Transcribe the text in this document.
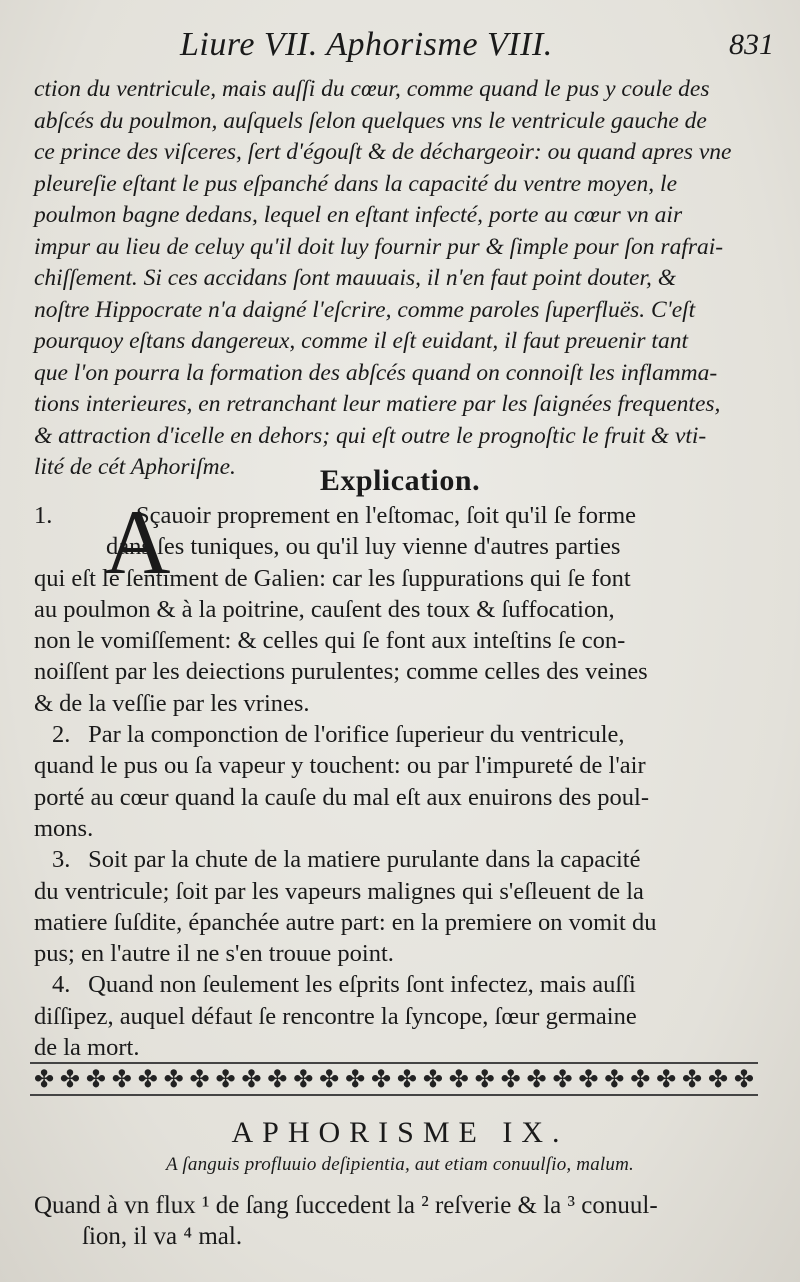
Liure VII. Aphorisme VIII.	831
ction du ventricule, mais auſſi du cœur, comme quand le pus y coule des
abſcés du poulmon, auſquels ſelon quelques vns le ventricule gauche de
ce prince des viſceres, ſert d'égouſt & de déchargeoir: ou quand apres vne
pleureſie eſtant le pus eſpanché dans la capacité du ventre moyen, le
poulmon bagne dedans, lequel en eſtant infecté, porte au cœur vn air
impur au lieu de celuy qu'il doit luy fournir pur & ſimple pour ſon rafrai-
chiſſement. Si ces accidans ſont mauuais, il n'en faut point douter, &
noſtre Hippocrate n'a daigné l'eſcrire, comme paroles ſuperfluës. C'eſt
pourquoy eſtans dangereux, comme il eſt euidant, il faut preuenir tant
que l'on pourra la formation des abſcés quand on connoiſt les inflamma-
tions interieures, en retranchant leur matiere par les ſaignées frequentes,
& attraction d'icelle en dehors; qui eſt outre le prognoſtic le fruit & vti-
lité de cét Aphoriſme.	Explication.
A
1.	Sçauoir proprement en l'eſtomac, ſoit qu'il ſe forme
dans ſes tuniques, ou qu'il luy vienne d'autres parties
qui eſt le ſentiment de Galien: car les ſuppurations qui ſe font
au poulmon & à la poitrine, cauſent des toux & ſuffocation,
non le vomiſſement: & celles qui ſe font aux inteſtins ſe con-
noiſſent par les deiections purulentes; comme celles des veines
& de la veſſie par les vrines.
2. Par la componction de l'orifice ſuperieur du ventricule,
quand le pus ou ſa vapeur y touchent: ou par l'impureté de l'air
porté au cœur quand la cauſe du mal eſt aux enuirons des poul-
mons.
3. Soit par la chute de la matiere purulante dans la capacité
du ventricule; ſoit par les vapeurs malignes qui s'eſleuent de la
matiere ſuſdite, épanchée autre part: en la premiere on vomit du
pus; en l'autre il ne s'en trouue point.
4. Quand non ſeulement les eſprits ſont infectez, mais auſſi
diſſipez, auquel défaut ſe rencontre la ſyncope, ſœur germaine
de la mort.
✤ ✤ ✤ ✤ ✤ ✤ ✤ ✤ ✤ ✤ ✤ ✤ ✤ ✤ ✤ ✤ ✤ ✤ ✤ ✤ ✤ ✤ ✤ ✤ ✤ ✤ ✤ ✤
APHORISME IX.
A ſanguis profluuio deſipientia, aut etiam conuulſio, malum.
Quand à vn flux ¹ de ſang ſuccedent la ² reſverie & la ³ conuul-
ſion, il va ⁴ mal.
